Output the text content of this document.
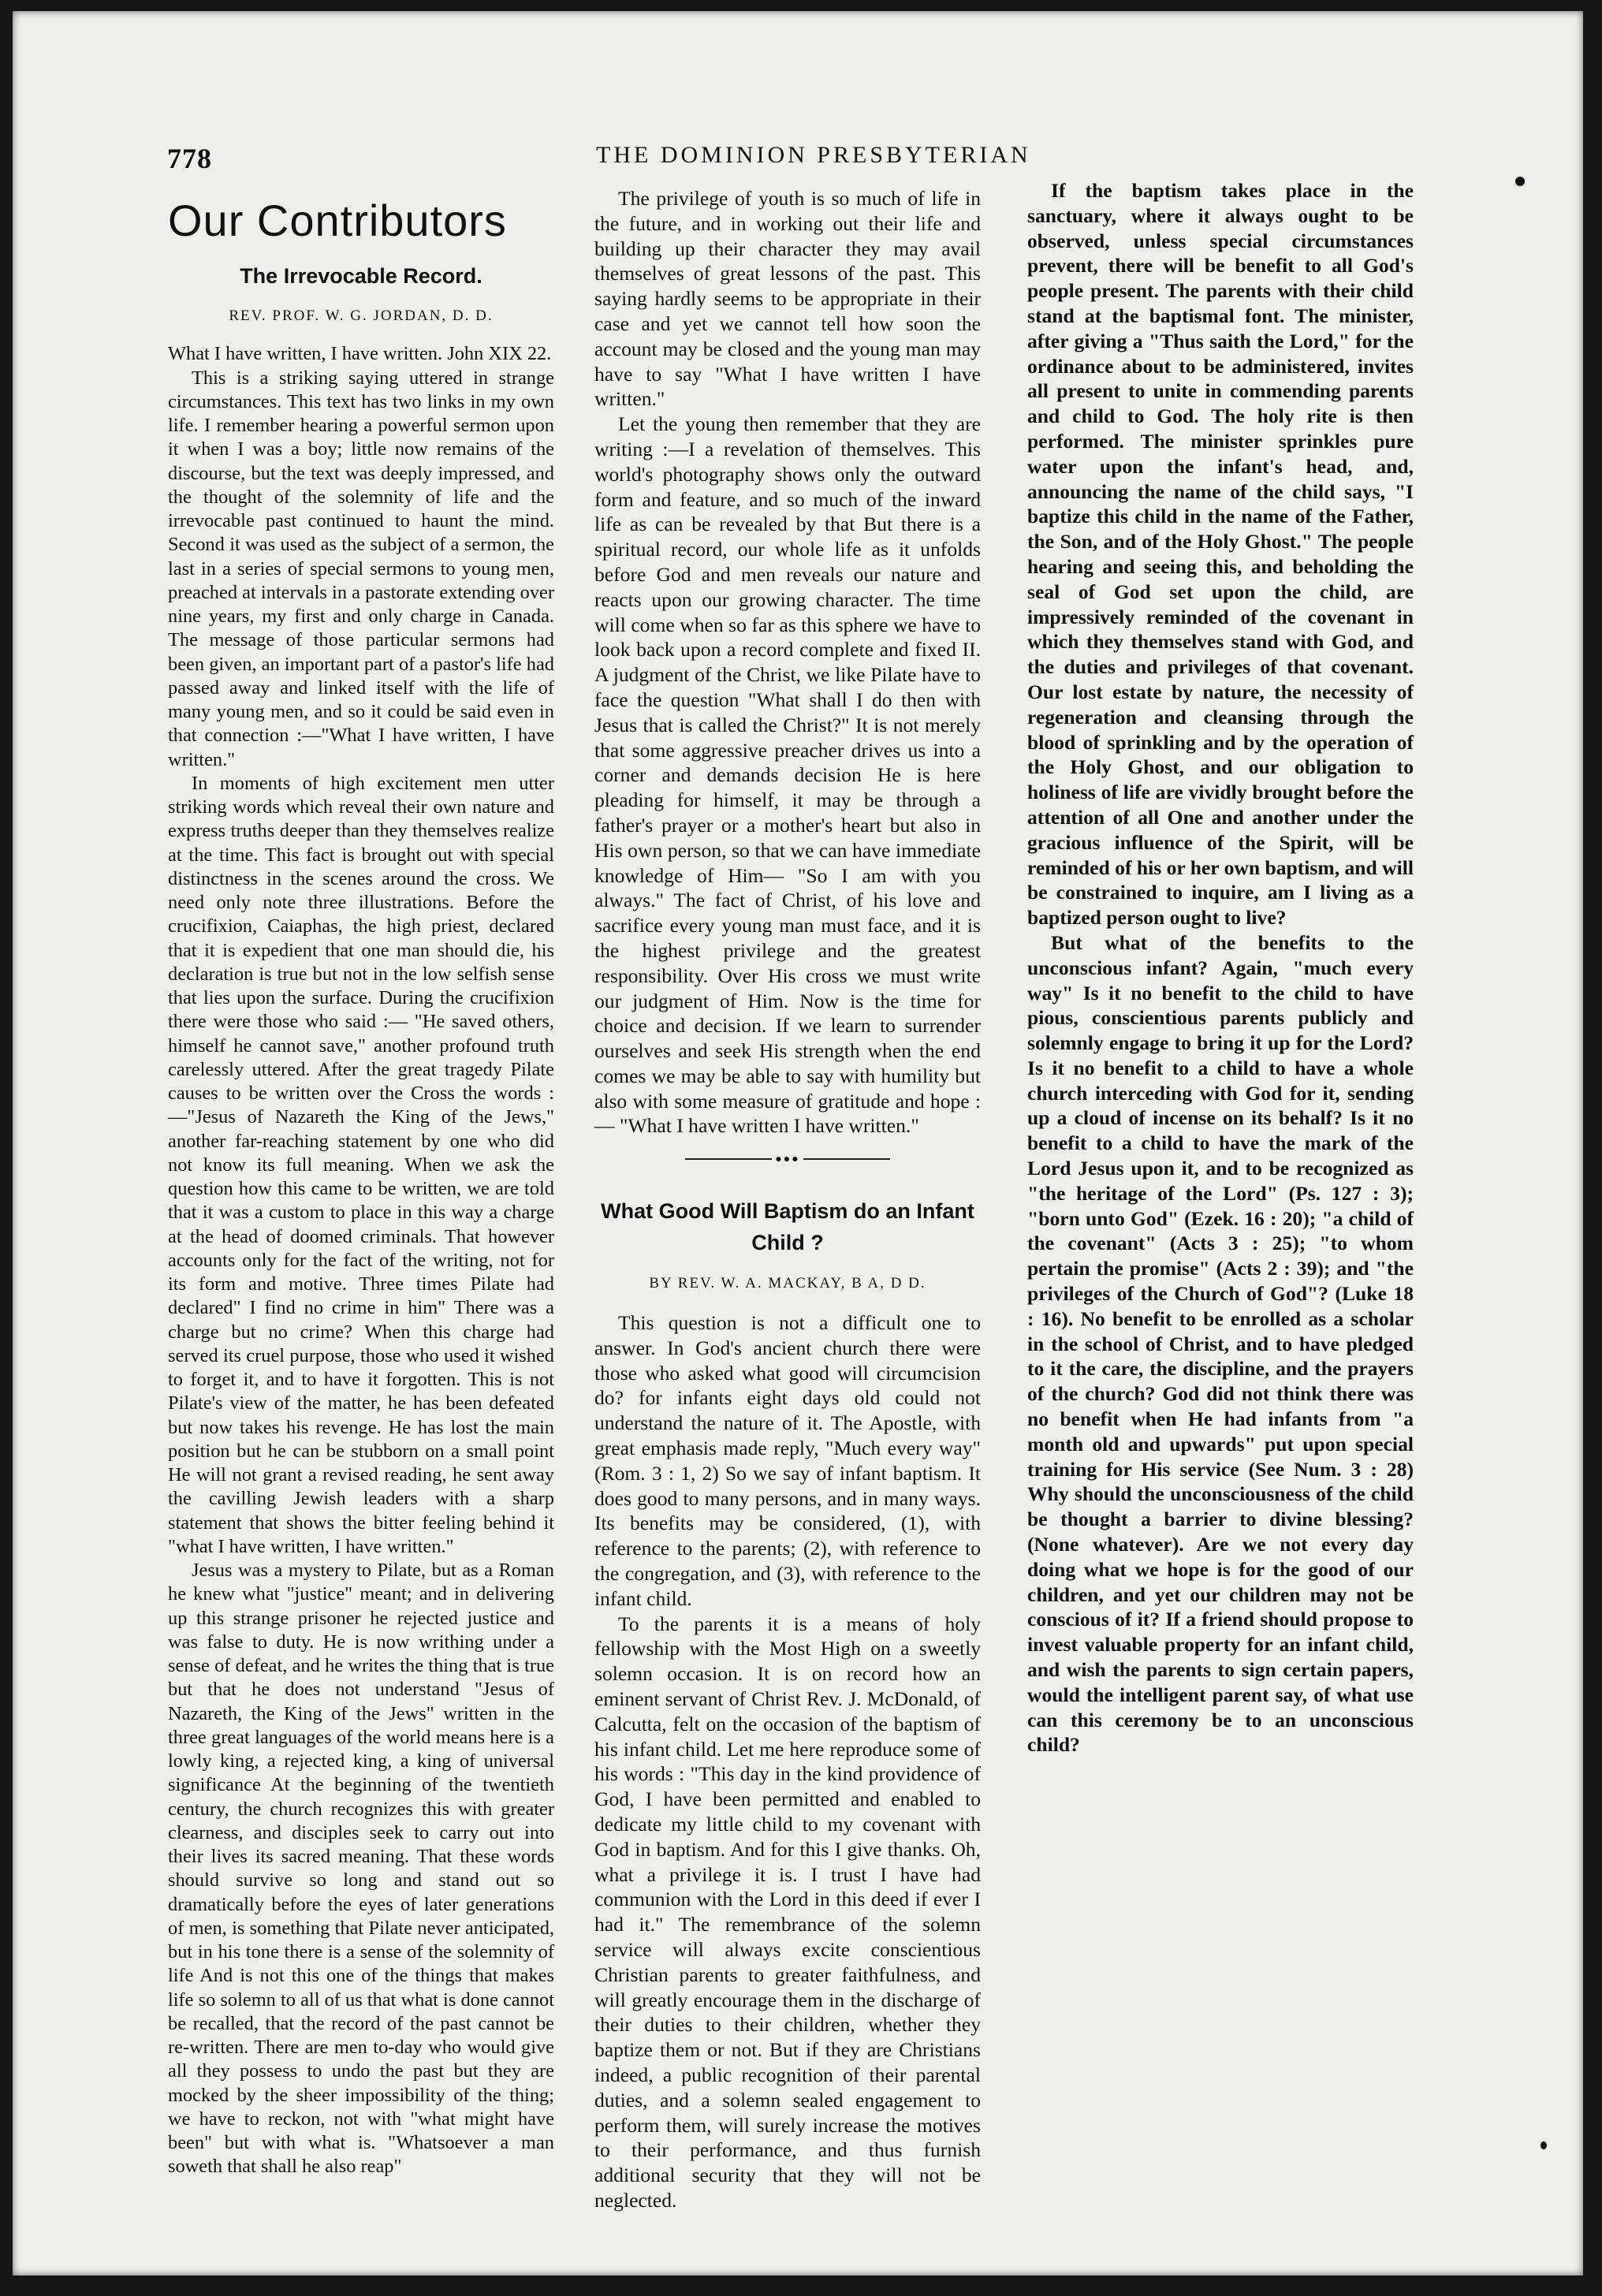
778	THE DOMINION PRESBYTERIAN
Our Contributors
The Irrevocable Record.
REV. PROF. W. G. JORDAN, D. D.

What I have written, I have written. John XIX 22.

This is a striking saying uttered in strange circumstances. This text has two links in my own life. I remember hearing a powerful sermon upon it when I was a boy; little now remains of the discourse, but the text was deeply impressed, and the thought of the solemnity of life and the irrevocable past continued to haunt the mind. Second it was used as the subject of a sermon, the last in a series of special sermons to young men, preached at intervals in a pastorate extending over nine years, my first and only charge in Canada. The message of those particular sermons had been given, an important part of a pastor's life had passed away and linked itself with the life of many young men, and so it could be said even in that connection :—"What I have written, I have written."

In moments of high excitement men utter striking words which reveal their own nature and express truths deeper than they themselves realize at the time. This fact is brought out with special distinctness in the scenes around the cross. We need only note three illustrations. Before the crucifixion, Caiaphas, the high priest, declared that it is expedient that one man should die, his declaration is true but not in the low selfish sense that lies upon the surface. During the crucifixion there were those who said :— "He saved others, himself he cannot save," another profound truth carelessly uttered. After the great tragedy Pilate causes to be written over the Cross the words :—"Jesus of Nazareth the King of the Jews," another far-reaching statement by one who did not know its full meaning. When we ask the question how this came to be written, we are told that it was a custom to place in this way a charge at the head of doomed criminals. That however accounts only for the fact of the writing, not for its form and motive. Three times Pilate had declared" I find no crime in him" There was a charge but no crime? When this charge had served its cruel purpose, those who used it wished to forget it, and to have it forgotten. This is not Pilate's view of the matter, he has been defeated but now takes his revenge. He has lost the main position but he can be stubborn on a small point He will not grant a revised reading, he sent away the cavilling Jewish leaders with a sharp statement that shows the bitter feeling behind it "what I have written, I have written."

Jesus was a mystery to Pilate, but as a Roman he knew what "justice" meant; and in delivering up this strange prisoner he rejected justice and was false to duty. He is now writhing under a sense of defeat, and he writes the thing that is true but that he does not understand "Jesus of Nazareth, the King of the Jews" written in the three great languages of the world means here is a lowly king, a rejected king, a king of universal significance At the beginning of the twentieth century, the church recognizes this with greater clearness, and disciples seek to carry out into their lives its sacred meaning. That these words should survive so long and stand out so dramatically before the eyes of later generations of men, is something that Pilate never anticipated, but in his tone there is a sense of the solemnity of life And is not this one of the things that makes life so solemn to all of us that what is done cannot be recalled, that the record of the past cannot be re-written. There are men to-day who would give all they possess to undo the past but they are mocked by the sheer impossibility of the thing; we have to reckon, not with "what might have been" but with what is. "Whatsoever a man soweth that shall he also reap"

The privilege of youth is so much of life in the future, and in working out their life and building up their character they may avail themselves of great lessons of the past. This saying hardly seems to be appropriate in their case and yet we cannot tell how soon the account may be closed and the young man may have to say "What I have written I have written."

Let the young then remember that they are writing :—I a revelation of themselves. This world's photography shows only the outward form and feature, and so much of the inward life as can be revealed by that But there is a spiritual record, our whole life as it unfolds before God and men reveals our nature and reacts upon our growing character. The time will come when so far as this sphere we have to look back upon a record complete and fixed II. A judgment of the Christ, we like Pilate have to face the question "What shall I do then with Jesus that is called the Christ?" It is not merely that some aggressive preacher drives us into a corner and demands decision He is here pleading for himself, it may be through a father's prayer or a mother's heart but also in His own person, so that we can have immediate knowledge of Him— "So I am with you always." The fact of Christ, of his love and sacrifice every young man must face, and it is the highest privilege and the greatest responsibility. Over His cross we must write our judgment of Him. Now is the time for choice and decision. If we learn to surrender ourselves and seek His strength when the end comes we may be able to say with humility but also with some measure of gratitude and hope :— "What I have written I have written."

●●●
What Good Will Baptism do an Infant Child ?
BY REV. W. A. MACKAY, B A, D D.

This question is not a difficult one to answer. In God's ancient church there were those who asked what good will circumcision do? for infants eight days old could not understand the nature of it. The Apostle, with great emphasis made reply, "Much every way" (Rom. 3 : 1, 2) So we say of infant baptism. It does good to many persons, and in many ways. Its benefits may be considered, (1), with reference to the parents; (2), with reference to the congregation, and (3), with reference to the infant child.

To the parents it is a means of holy fellowship with the Most High on a sweetly solemn occasion. It is on record how an eminent servant of Christ Rev. J. McDonald, of Calcutta, felt on the occasion of the baptism of his infant child. Let me here reproduce some of his words : "This day in the kind providence of God, I have been permitted and enabled to dedicate my little child to my covenant with God in baptism. And for this I give thanks. Oh, what a privilege it is. I trust I have had communion with the Lord in this deed if ever I had it." The remembrance of the solemn service will always excite conscientious Christian parents to greater faithfulness, and will greatly encourage them in the discharge of their duties to their children, whether they baptize them or not. But if they are Christians indeed, a public recognition of their parental duties, and a solemn sealed engagement to perform them, will surely increase the motives to their performance, and thus furnish additional security that they will not be neglected.

If the baptism takes place in the sanctuary, where it always ought to be observed, unless special circumstances prevent, there will be benefit to all God's people present. The parents with their child stand at the baptismal font. The minister, after giving a "Thus saith the Lord," for the ordinance about to be administered, invites all present to unite in commending parents and child to God. The holy rite is then performed. The minister sprinkles pure water upon the infant's head, and, announcing the name of the child says, "I baptize this child in the name of the Father, the Son, and of the Holy Ghost." The people hearing and seeing this, and beholding the seal of God set upon the child, are impressively reminded of the covenant in which they themselves stand with God, and the duties and privileges of that covenant. Our lost estate by nature, the necessity of regeneration and cleansing through the blood of sprinkling and by the operation of the Holy Ghost, and our obligation to holiness of life are vividly brought before the attention of all One and another under the gracious influence of the Spirit, will be reminded of his or her own baptism, and will be constrained to inquire, am I living as a baptized person ought to live?

But what of the benefits to the unconscious infant? Again, "much every way" Is it no benefit to the child to have pious, conscientious parents publicly and solemnly engage to bring it up for the Lord? Is it no benefit to a child to have a whole church interceding with God for it, sending up a cloud of incense on its behalf? Is it no benefit to a child to have the mark of the Lord Jesus upon it, and to be recognized as "the heritage of the Lord" (Ps. 127 : 3); "born unto God" (Ezek. 16 : 20); "a child of the covenant" (Acts 3 : 25); "to whom pertain the promise" (Acts 2 : 39); and "the privileges of the Church of God"? (Luke 18 : 16). No benefit to be enrolled as a scholar in the school of Christ, and to have pledged to it the care, the discipline, and the prayers of the church? God did not think there was no benefit when He had infants from "a month old and upwards" put upon special training for His service (See Num. 3 : 28) Why should the unconsciousness of the child be thought a barrier to divine blessing? (None whatever). Are we not every day doing what we hope is for the good of our children, and yet our children may not be conscious of it? If a friend should propose to invest valuable property for an infant child, and wish the parents to sign certain papers, would the intelligent parent say, of what use can this ceremony be to an unconscious child?
